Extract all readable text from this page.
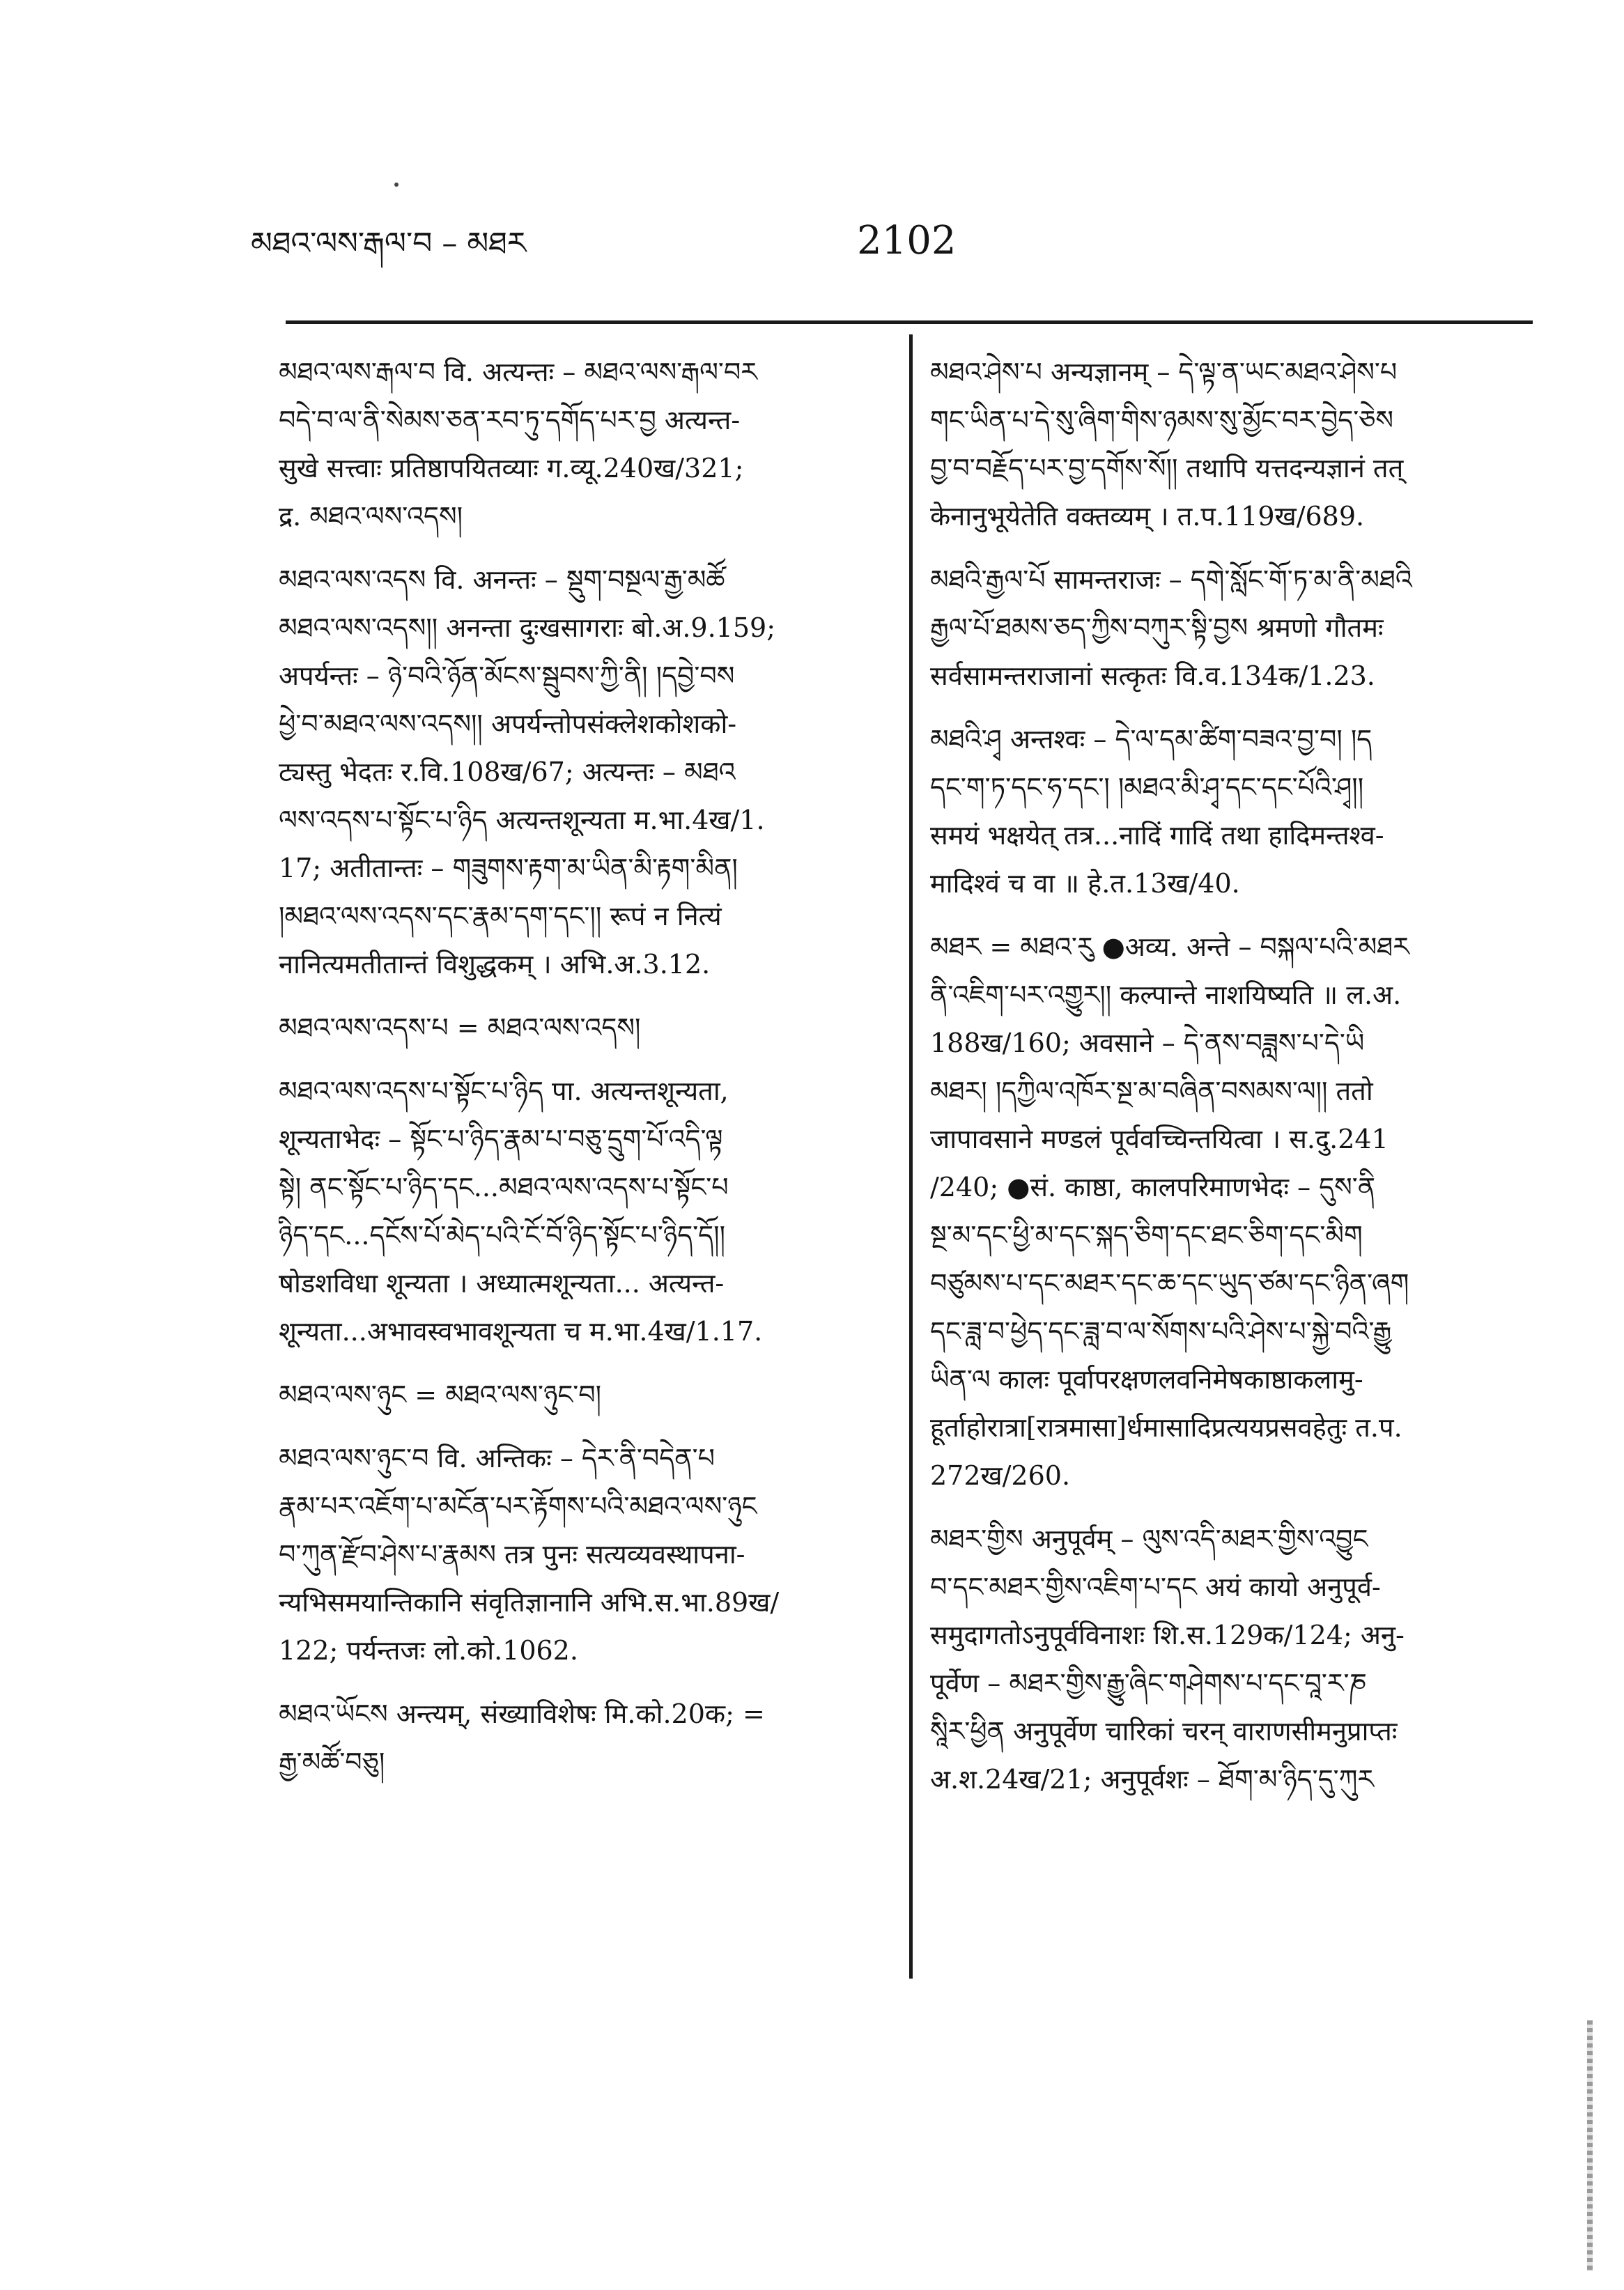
མཐའ་ལས་རྒལ་བ – མཐར	2102
མཐའ་ལས་རྒལ་བ वि. अत्यन्तः – མཐའ་ལས་རྒལ་བར
བདེ་བ་ལ་ནི་སེམས་ཅན་རབ་ཏུ་དགོད་པར་བྱ अत्यन्त-
सुखे सत्त्वाः प्रतिष्ठापयितव्याः ग.व्यू.240ख/321;
द्र. མཐའ་ལས་འདས།
མཐའ་ལས་འདས वि. अनन्तः – སྡུག་བསྔལ་རྒྱ་མཚོ
མཐའ་ལས་འདས།། अनन्ता दुःखसागराः बो.अ.9.159;
अपर्यन्तः – ཉེ་བའི་ཉོན་མོངས་སྦུབས་ཀྱི་ནི། །དབྱེ་བས
ཕྱེ་བ་མཐའ་ལས་འདས།། अपर्यन्तोपसंक्लेशकोशको-
ट्यस्तु भेदतः र.वि.108ख/67; अत्यन्तः – མཐའ
ལས་འདས་པ་སྟོང་པ་ཉིད अत्यन्तशून्यता म.भा.4ख/1.
17; अतीतान्तः – གཟུགས་རྟག་མ་ཡིན་མི་རྟག་མིན།
།མཐའ་ལས་འདས་དང་རྣམ་དག་དང་།། रूपं न नित्यं
नानित्यमतीतान्तं विशुद्धकम् । अभि.अ.3.12.
མཐའ་ལས་འདས་པ = མཐའ་ལས་འདས།
མཐའ་ལས་འདས་པ་སྟོང་པ་ཉིད पा. अत्यन्तशून्यता,
शून्यताभेदः – སྟོང་པ་ཉིད་རྣམ་པ་བཅུ་དྲུག་པོ་འདི་ལྟ
སྟེ། ནང་སྟོང་པ་ཉིད་དང...མཐའ་ལས་འདས་པ་སྟོང་པ
ཉིད་དང...དངོས་པོ་མེད་པའི་ངོ་བོ་ཉིད་སྟོང་པ་ཉིད་དོ།།
षोडशविधा शून्यता । अध्यात्मशून्यता... अत्यन्त-
शून्यता...अभावस्वभावशून्यता च म.भा.4ख/1.17.
མཐའ་ལས་ཉུང = མཐའ་ལས་ཉུང་བ།
མཐའ་ལས་ཉུང་བ वि. अन्तिकः – དེར་ནི་བདེན་པ
རྣམ་པར་འཇོག་པ་མངོན་པར་རྟོགས་པའི་མཐའ་ལས་ཉུང
བ་ཀུན་རྫོབ་ཤེས་པ་རྣམས तत्र पुनः सत्यव्यवस्थापना-
न्यभिसमयान्तिकानि संवृतिज्ञानानि अभि.स.भा.89ख/
122; पर्यन्तजः लो.को.1062.
མཐའ་ཡོངས अन्त्यम्, संख्याविशेषः मि.को.20क; =
རྒྱ་མཚོ་བཅུ།
མཐའ་ཤེས་པ अन्यज्ञानम् – དེ་ལྟ་ན་ཡང་མཐའ་ཤེས་པ
གང་ཡིན་པ་དེ་སུ་ཞིག་གིས་ཉམས་སུ་མྱོང་བར་བྱེད་ཅེས
བྱ་བ་བརྗོད་པར་བྱ་དགོས་སོ།། तथापि यत्तदन्यज्ञानं तत्
केनानुभूयेतेति वक्तव्यम् । त.प.119ख/689.
མཐའི་རྒྱལ་པོ सामन्तराजः – དགེ་སློང་གོ་ཏ་མ་ནི་མཐའི
རྒྱལ་པོ་ཐམས་ཅད་ཀྱིས་བཀུར་སྟི་བྱས श्रमणो गौतमः
सर्वसामन्तराजानां सत्कृतः वि.व.134क/1.23.
མཐའི་ཤྭ अन्तश्वः – དེ་ལ་དམ་ཚིག་བཟའ་བྱ་བ། །ད
དང་ག་ཏ་དང་ཧ་དང་། །མཐའ་མི་ཤྭ་དང་དང་པོའི་ཤྭ།།
समयं भक्षयेत् तत्र...नादिं गादिं तथा हादिमन्तश्व-
मादिश्वं च वा ॥ हे.त.13ख/40.
མཐར = མཐའ་རུ ●अव्य. अन्ते – བསྐལ་པའི་མཐར
ནི་འཇིག་པར་འགྱུར།། कल्पान्ते नाशयिष्यति ॥ ल.अ.
188ख/160; अवसाने – དེ་ནས་བཟླས་པ་དེ་ཡི
མཐར། །དཀྱིལ་འཁོར་སྔ་མ་བཞིན་བསམས་ལ།། ततो
जापावसाने मण्डलं पूर्ववच्चिन्तयित्वा । स.दु.241
/240; ●सं. काष्ठा, कालपरिमाणभेदः – དུས་ནི
སྔ་མ་དང་ཕྱི་མ་དང་སྐད་ཅིག་དང་ཐང་ཅིག་དང་མིག
བཙུམས་པ་དང་མཐར་དང་ཆ་དང་ཡུད་ཙམ་དང་ཉིན་ཞག
དང་ཟླ་བ་ཕྱེད་དང་ཟླ་བ་ལ་སོགས་པའི་ཤེས་པ་སྐྱེ་བའི་རྒྱུ
ཡིན་ལ कालः पूर्वापरक्षणलवनिमेषकाष्ठाकलामु-
हूर्ताहोरात्रा[रात्रमासा]र्धमासादिप्रत्ययप्रसवहेतुः त.प.
272ख/260.
མཐར་གྱིས अनुपूर्वम् – ལུས་འདི་མཐར་གྱིས་འབྱུང
བ་དང་མཐར་གྱིས་འཇིག་པ་དང अयं कायो अनुपूर्व-
समुदागतोऽनुपूर्वविनाशः शि.स.129क/124; अनु-
पूर्वेण – མཐར་གྱིས་རྒྱུ་ཞིང་གཤེགས་པ་དང་བཱ་ར་ཎ
སཱིར་ཕྱིན अनुपूर्वेण चारिकां चरन् वाराणसीमनुप्राप्तः
अ.श.24ख/21; अनुपूर्वशः – ཐོག་མ་ཉིད་དུ་ཀུར
